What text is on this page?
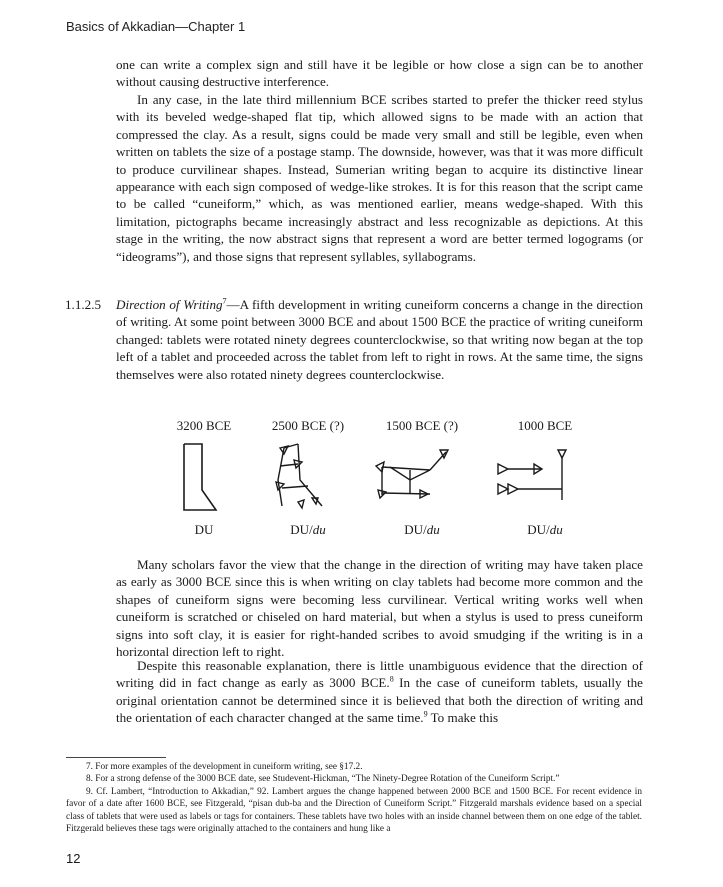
Basics of Akkadian—Chapter 1

one can write a complex sign and still have it be legible or how close a sign can be to another without causing destructive interference.

In any case, in the late third millennium BCE scribes started to prefer the thicker reed stylus with its beveled wedge-shaped flat tip, which allowed signs to be made with an action that compressed the clay. As a result, signs could be made very small and still be legible, even when written on tablets the size of a postage stamp. The downside, however, was that it was more difficult to produce curvilinear shapes. Instead, Sumerian writing began to acquire its distinctive linear appearance with each sign composed of wedge-like strokes. It is for this reason that the script came to be called “cuneiform,” which, as was mentioned earlier, means wedge-shaped. With this limitation, pictographs became increasingly abstract and less recognizable as depictions. At this stage in the writing, the now abstract signs that represent a word are better termed logograms (or “ideograms”), and those signs that represent syllables, syllabograms.

1.1.2.5 Direction of Writing$^7$—A fifth development in writing cuneiform concerns a change in the direction of writing. At some point between 3000 BCE and about 1500 BCE the practice of writing cuneiform changed: tablets were rotated ninety degrees counterclockwise, so that writing now began at the top left of a tablet and proceeded across the tablet from left to right in rows. At the same time, the signs themselves were also rotated ninety degrees counterclockwise.

3200 BCE	2500 BCE (?)	1500 BCE (?)	1000 BCE
DU	DU/du	DU/du	DU/du

Many scholars favor the view that the change in the direction of writing may have taken place as early as 3000 BCE since this is when writing on clay tablets had become more common and the shapes of cuneiform signs were becoming less curvilinear. Vertical writing works well when cuneiform is scratched or chiseled on hard material, but when a stylus is used to press cuneiform signs into soft clay, it is easier for right-handed scribes to avoid smudging if the writing is in a horizontal direction left to right.

Despite this reasonable explanation, there is little unambiguous evidence that the direction of writing did in fact change as early as 3000 BCE.$^8$ In the case of cuneiform tablets, usually the original orientation cannot be determined since it is believed that both the direction of writing and the orientation of each character changed at the same time.$^9$ To make this

7. For more examples of the development in cuneiform writing, see §17.2.

8. For a strong defense of the 3000 BCE date, see Studevent-Hickman, “The Ninety-Degree Rotation of the Cuneiform Script.”

9. Cf. Lambert, “Introduction to Akkadian,” 92. Lambert argues the change happened between 2000 BCE and 1500 BCE. For recent evidence in favor of a date after 1600 BCE, see Fitzgerald, “pisan dub-ba and the Direction of Cuneiform Script.” Fitzgerald marshals evidence based on a special class of tablets that were used as labels or tags for containers. These tablets have two holes with an inside channel between them on one edge of the tablet. Fitzgerald believes these tags were originally attached to the containers and hung like a

12
